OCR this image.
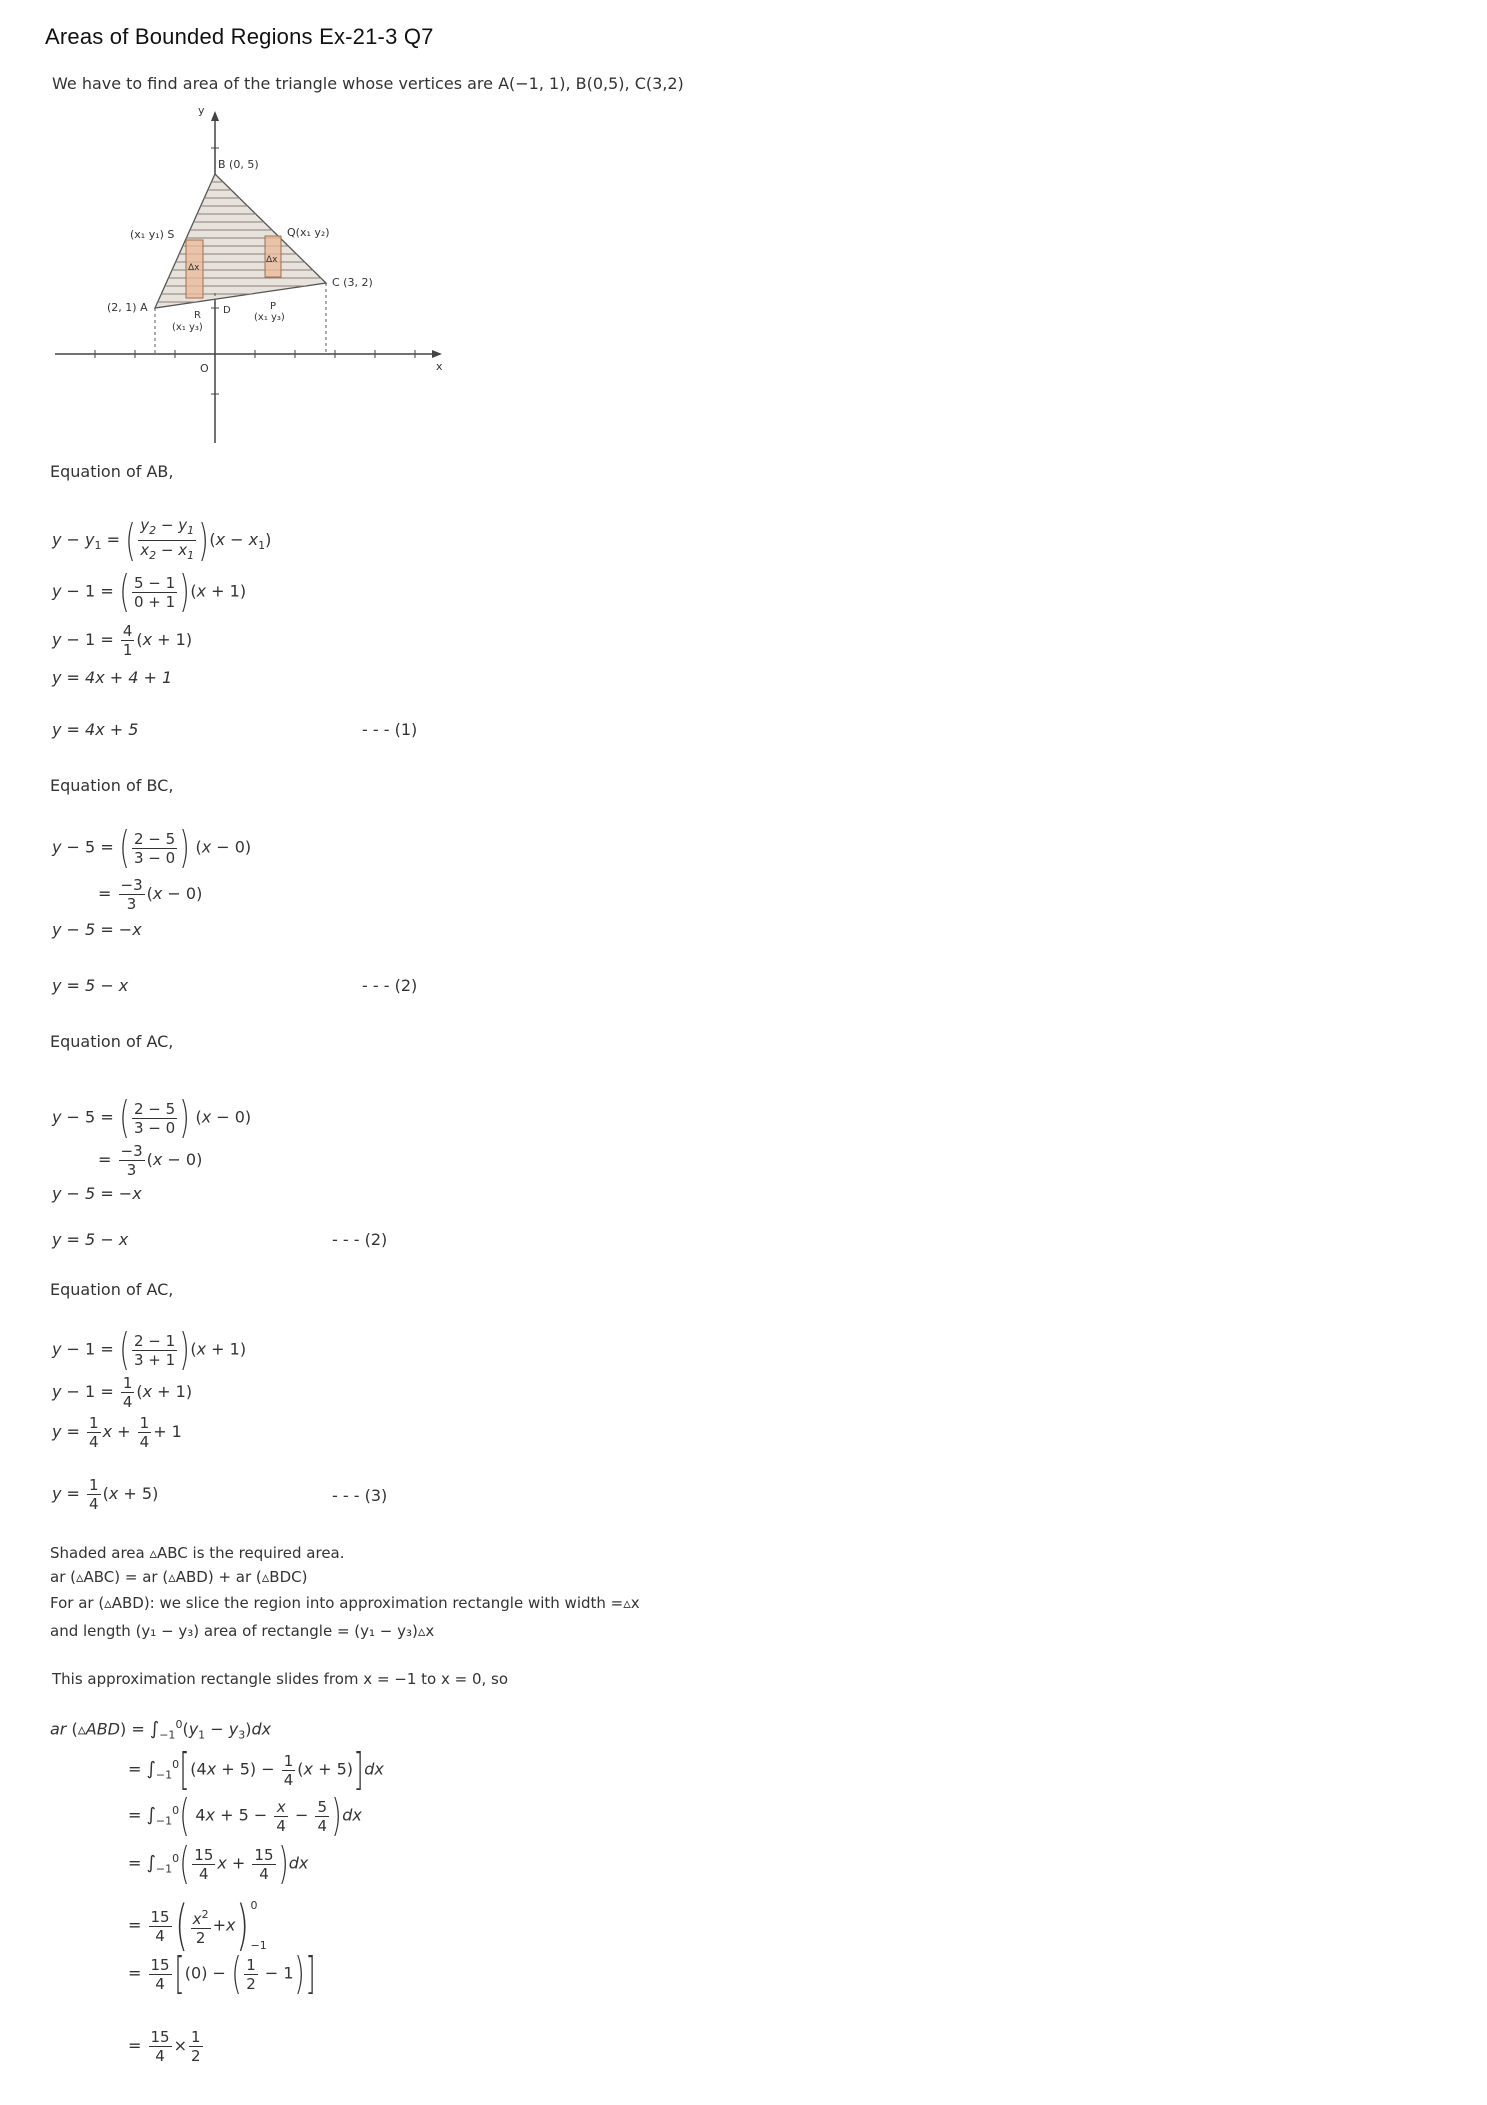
Areas of Bounded Regions Ex-21-3 Q7
We have to find area of the triangle whose vertices are A(−1, 1), B(0,5), C(3,2)
y
x
O
B (0, 5)
(x₁ y₁) S	Q(x₁ y₂)
C (3, 2)
(2, 1) A
R D	P
(x₁ y₃)
(x₁ y₃)
Δx
Δx
Equation of AB,
$y - y_1$ = ( $\frac{y_2 - y_1}{x_2 - x_1} )(x - x_1)$
y − 1 = ( $\frac{5 - 1}{0 + 1} )(x + 1)$
$y - 1 = \frac{4}{1} (x + 1)$
y = 4x + 4 + 1
y = 4x + 5	- - - (1)
Equation of BC,
y − 5 = ( $\frac{2 - 5}{3 - 0}$ ) (x − 0)
= $\frac{-3}{3} (x - 0)$
y − 5 = −x
y = 5 − x	- - - (2)
Equation of AC,
y − 5 = ( $\frac{2 - 5}{3 - 0}$ ) (x − 0)
= $\frac{-3}{3} (x - 0)$
y − 5 = −x
y = 5 − x	- - - (2)
Equation of AC,
y − 1 = ( $\frac{2 - 1}{3 + 1} )(x + 1)$
$y - 1 = \frac{1}{4} (x + 1)$
$y = \frac{1}{4}$ $x + \frac{1}{4} + 1$
$y = \frac{1}{4} (x + 5)$	- - - (3)
Shaded area ▵ABC is the required area.
ar (▵ABC) = ar (▵ABD) + ar (▵BDC)
For ar (▵ABD): we slice the region into approximation rectangle with width =▵x
and length (y₁ − y₃) area of rectangle = (y₁ − y₃)▵x
This approximation rectangle slides from x = −1 to x = 0, so
ar (▵ABD) = $\int_{-1}^0(y_1 - y_3)dx$
= $\int_{-1}^0[(4x + 5) - \frac{1}{4} (x + 5)]dx$
= $\int_{-1}^0$( $4x + 5 - \frac{x}{4} - \frac{5}{4} )dx$
= $\int_{-1}^0( \frac{15}{4}$ $x + \frac{15}{4} )dx$
= $\frac{15}{4}$ ( $\frac{x^2}{2} +x$) 0
−1
= $\frac{15}{4} [(0)$ − ( $\frac{1}{2} - 1$)]
= $\frac{15}{4} \times \frac{1}{2}$
